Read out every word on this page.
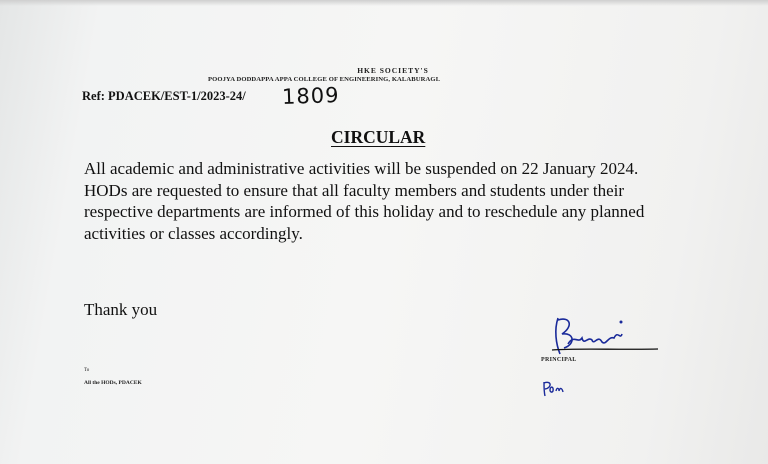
HKE SOCIETY'S
POOJYA DODDAPPA APPA COLLEGE OF ENGINEERING, KALABURAGI.
Ref: PDACEK/EST-1/2023-24/ 1809
CIRCULAR

All academic and administrative activities will be suspended on 22 January 2024. HODs are requested to ensure that all faculty members and students under their respective departments are informed of this holiday and to reschedule any planned activities or classes accordingly.

Thank you
PRINCIPAL
To
All the HODs, PDACEK
